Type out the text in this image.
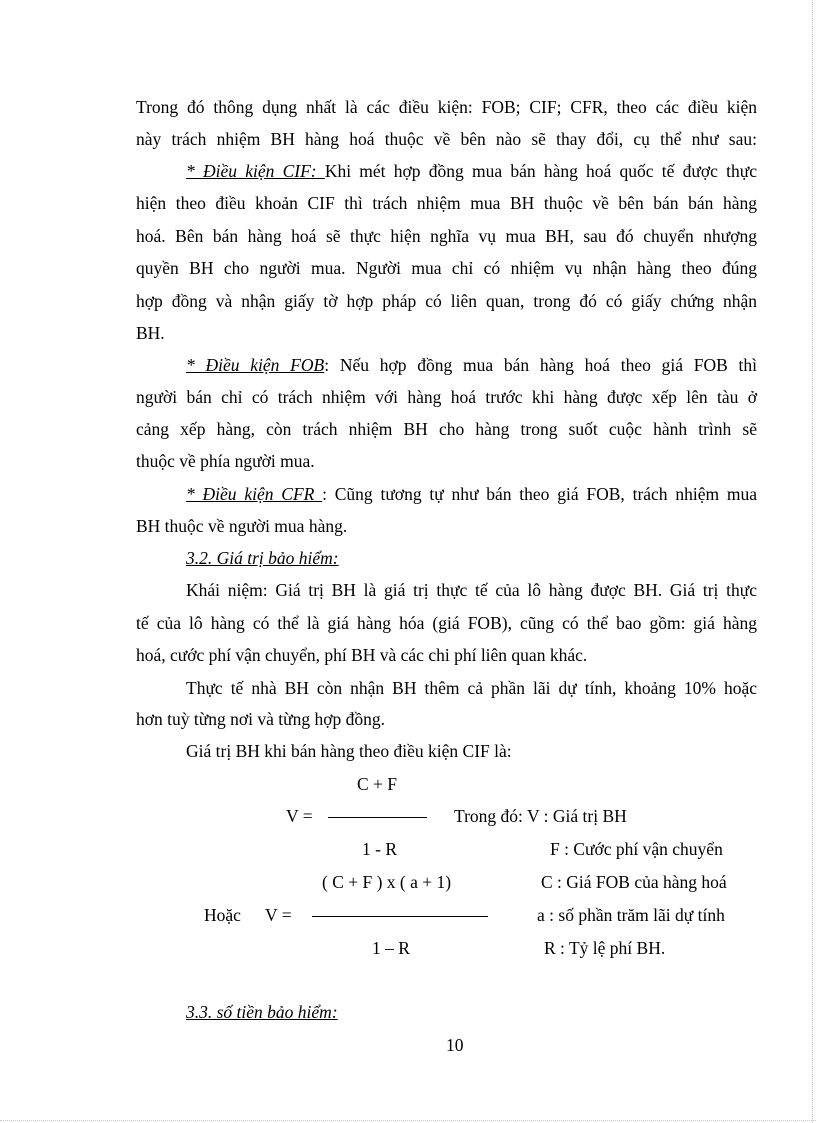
Trong đó thông dụng nhất là các điều kiện: FOB; CIF; CFR, theo các điều kiện
này trách nhiệm BH hàng hoá thuộc về bên nào sẽ thay đổi, cụ thể như sau:
* Điều kiện CIF: Khi mét hợp đồng mua bán hàng hoá quốc tế được thực
hiện theo điều khoản CIF thì trách nhiệm mua BH thuộc về bên bán bán hàng
hoá. Bên bán hàng hoá sẽ thực hiện nghĩa vụ mua BH, sau đó chuyển nhượng
quyền BH cho người mua. Người mua chỉ có nhiệm vụ nhận hàng theo đúng
hợp đồng và nhận giấy tờ hợp pháp có liên quan, trong đó có giấy chứng nhận
BH.
* Điều kiện FOB: Nếu hợp đồng mua bán hàng hoá theo giá FOB thì
người bán chỉ có trách nhiệm với hàng hoá trước khi hàng được xếp lên tàu ở
cảng xếp hàng, còn trách nhiệm BH cho hàng trong suốt cuộc hành trình sẽ
thuộc về phía người mua.
* Điều kiện CFR : Cũng tương tự như bán theo giá FOB, trách nhiệm mua
BH thuộc về người mua hàng.
3.2. Giá trị bảo hiểm:
Khái niệm: Giá trị BH là giá trị thực tế của lô hàng được BH. Giá trị thực
tế của lô hàng có thể là giá hàng hóa (giá FOB), cũng có thể bao gồm: giá hàng
hoá, cước phí vận chuyển, phí BH và các chi phí liên quan khác.
Thực tế nhà BH còn nhận BH thêm cả phần lãi dự tính, khoảng 10% hoặc
hơn tuỳ từng nơi và từng hợp đồng.
Giá trị BH khi bán hàng theo điều kiện CIF là:
C + F
V =	Trong đó: V : Giá trị BH
1 - R	F : Cước phí vận chuyển
( C + F ) x ( a + 1)	C : Giá FOB của hàng hoá
Hoặc V =	a : số phần trăm lãi dự tính
1 – R	R : Tỷ lệ phí BH.
3.3. số tiền bảo hiểm:
10
